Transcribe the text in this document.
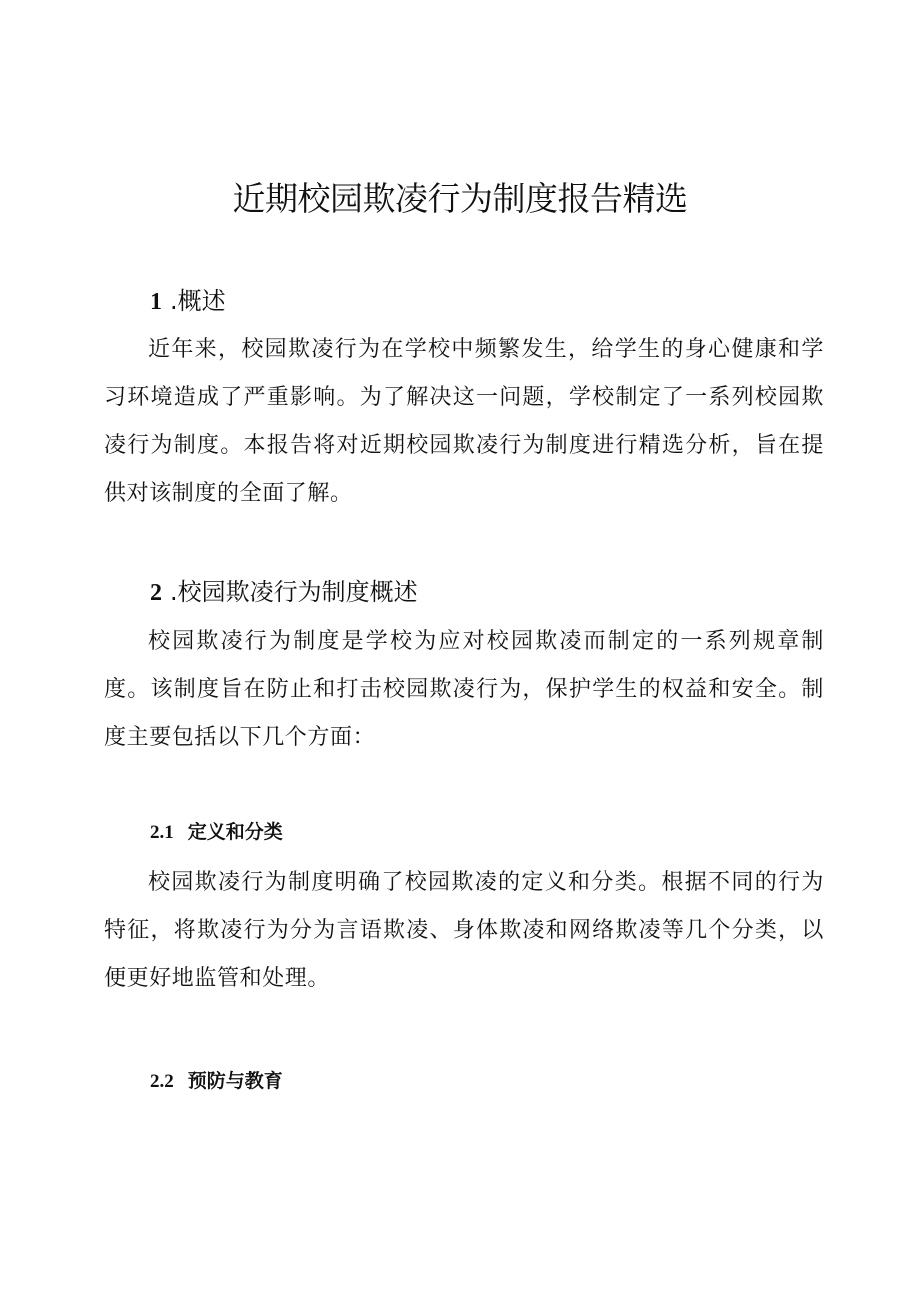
近期校园欺凌行为制度报告精选
1 .概述

近年来，校园欺凌行为在学校中频繁发生，给学生的身心健康和学习环境造成了严重影响。为了解决这一问题，学校制定了一系列校园欺凌行为制度。本报告将对近期校园欺凌行为制度进行精选分析，旨在提供对该制度的全面了解。

2 .校园欺凌行为制度概述

校园欺凌行为制度是学校为应对校园欺凌而制定的一系列规章制度。该制度旨在防止和打击校园欺凌行为，保护学生的权益和安全。制度主要包括以下几个方面：

2.1 定义和分类

校园欺凌行为制度明确了校园欺凌的定义和分类。根据不同的行为特征，将欺凌行为分为言语欺凌、身体欺凌和网络欺凌等几个分类，以便更好地监管和处理。

2.2 预防与教育
